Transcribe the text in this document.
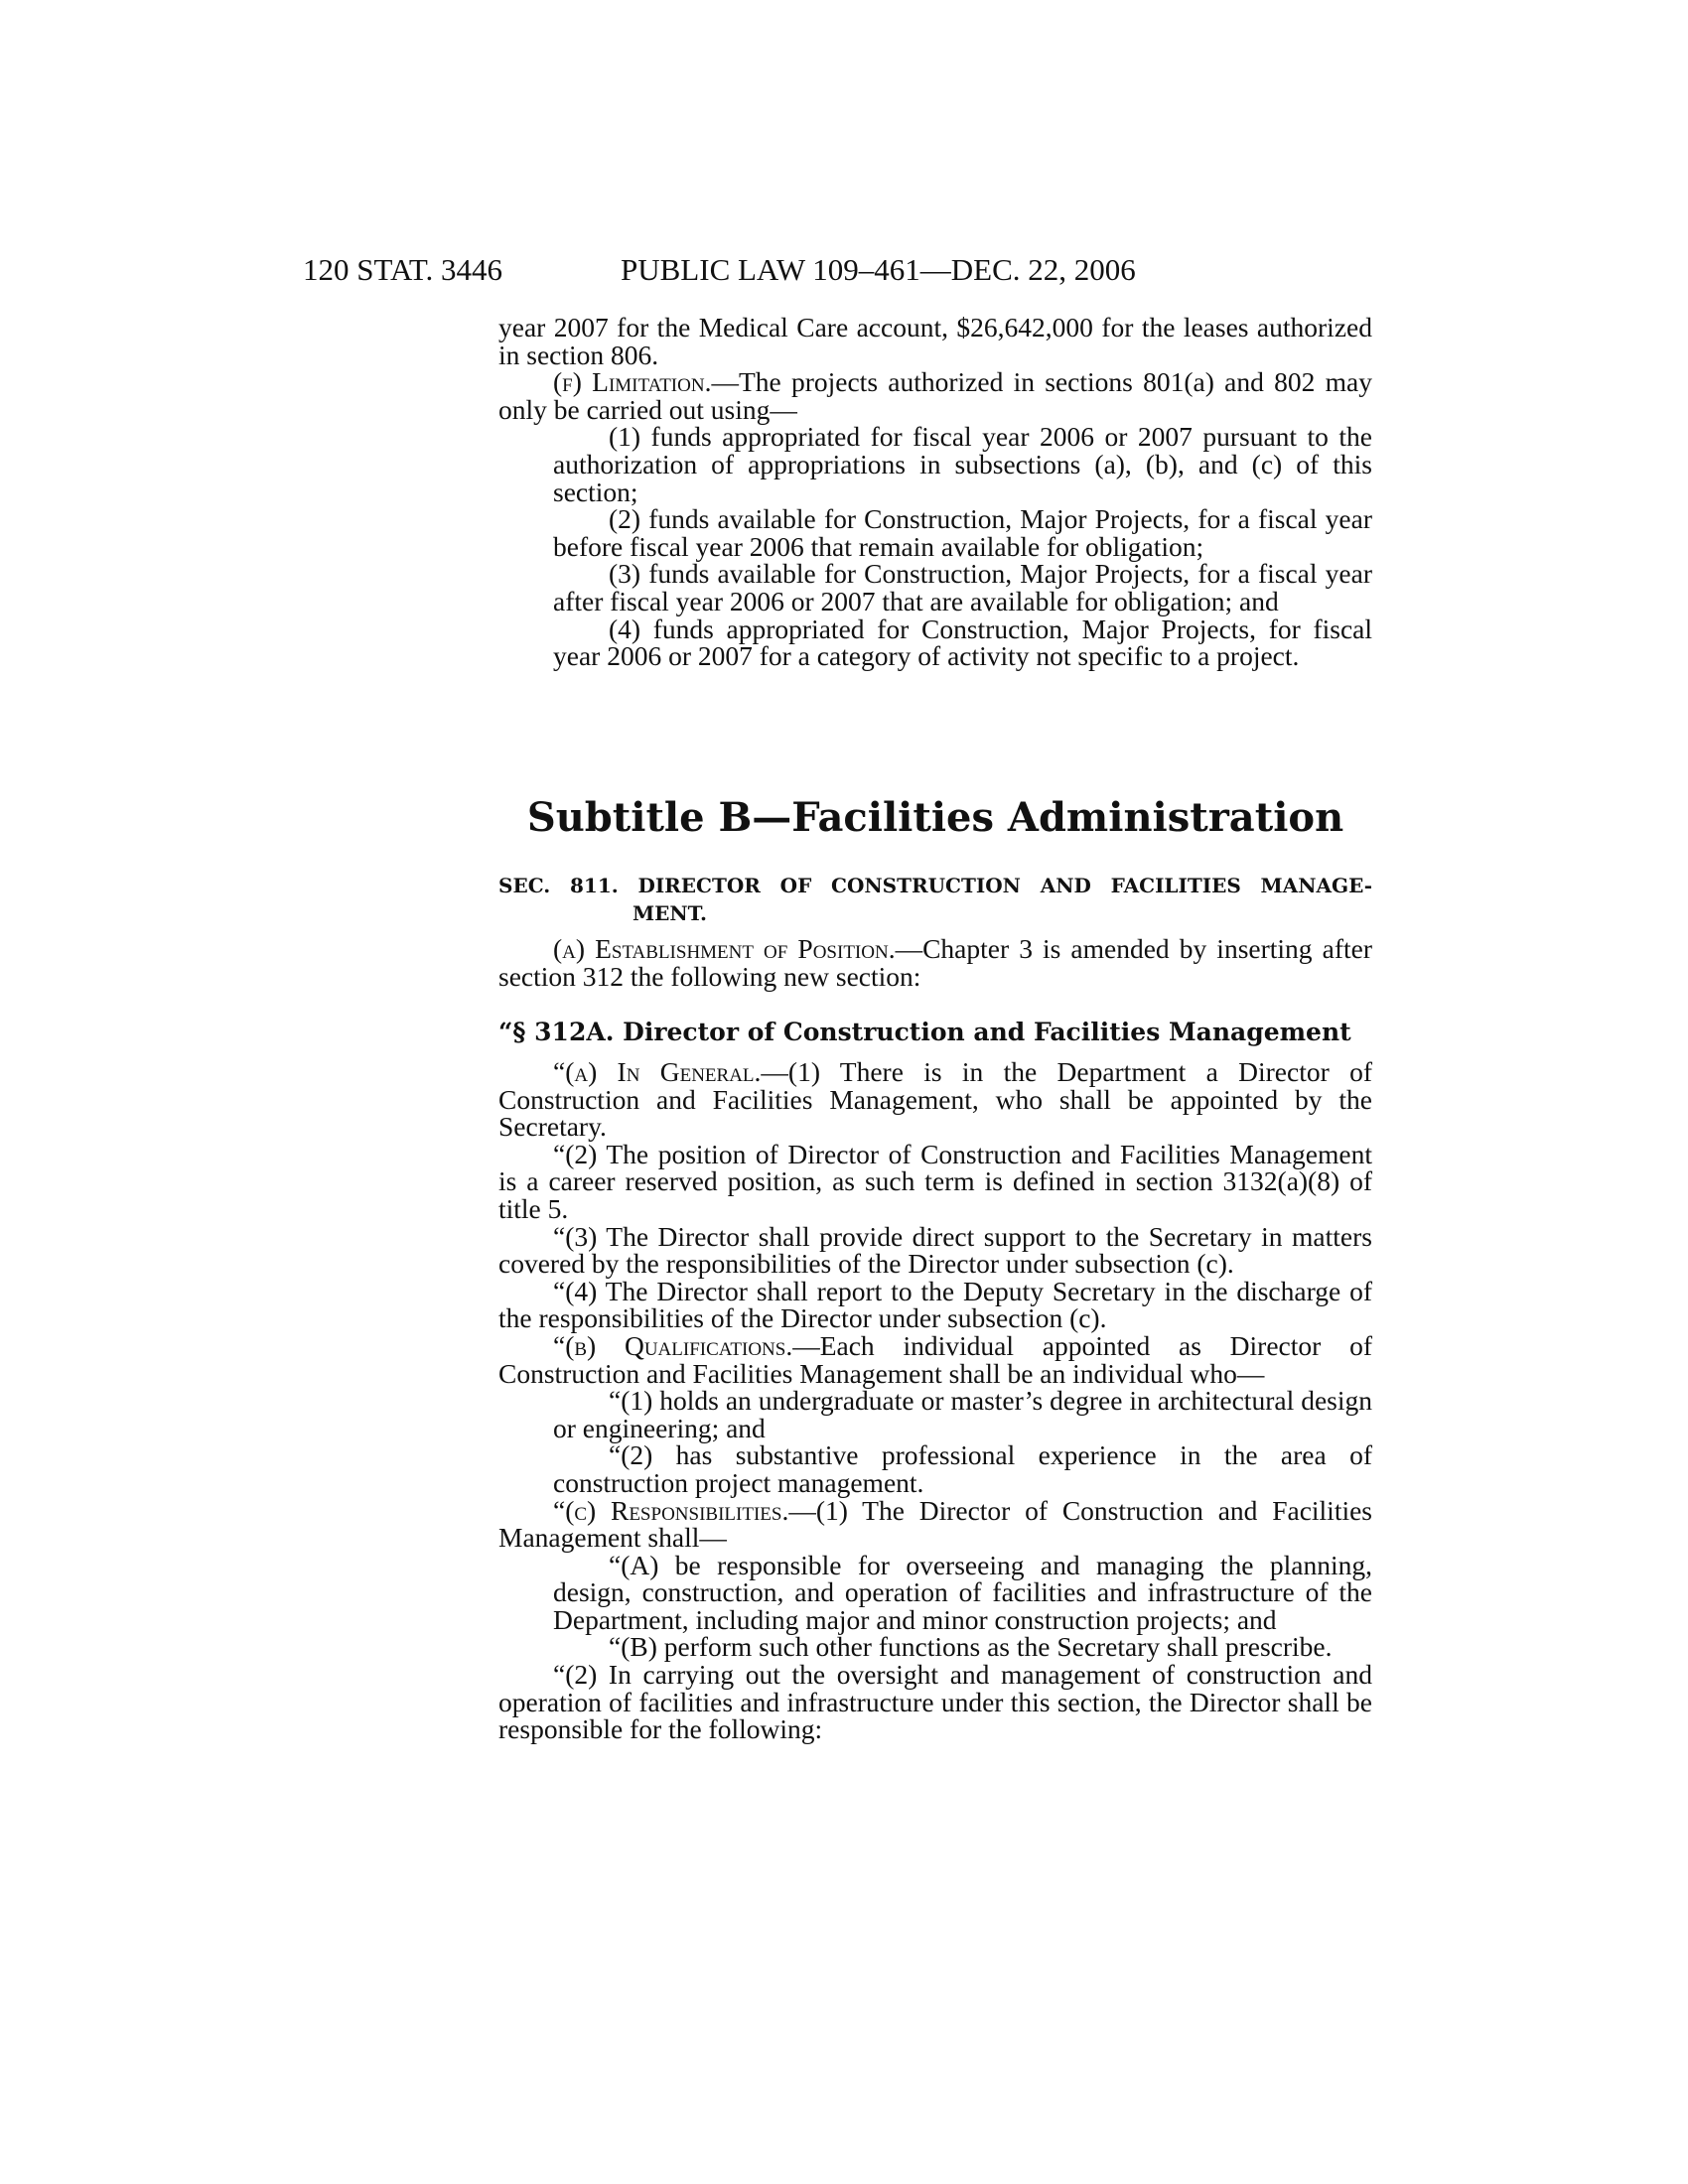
120 STAT. 3446	PUBLIC LAW 109–461—DEC. 22, 2006

year 2007 for the Medical Care account, $26,642,000 for the leases authorized in section 806.

(f) Limitation.—The projects authorized in sections 801(a) and 802 may only be carried out using—

(1) funds appropriated for fiscal year 2006 or 2007 pursuant to the authorization of appropriations in subsections (a), (b), and (c) of this section;

(2) funds available for Construction, Major Projects, for a fiscal year before fiscal year 2006 that remain available for obligation;

(3) funds available for Construction, Major Projects, for a fiscal year after fiscal year 2006 or 2007 that are available for obligation; and

(4) funds appropriated for Construction, Major Projects, for fiscal year 2006 or 2007 for a category of activity not specific to a project.

Subtitle B—Facilities Administration
SEC. 811. DIRECTOR OF CONSTRUCTION AND FACILITIES MANAGE-
MENT.

(a) Establishment of Position.—Chapter 3 is amended by inserting after section 312 the following new section:

“§ 312A. Director of Construction and Facilities Management

“(a) In General.—(1) There is in the Department a Director of Construction and Facilities Management, who shall be appointed by the Secretary.

“(2) The position of Director of Construction and Facilities Management is a career reserved position, as such term is defined in section 3132(a)(8) of title 5.

“(3) The Director shall provide direct support to the Secretary in matters covered by the responsibilities of the Director under subsection (c).

“(4) The Director shall report to the Deputy Secretary in the discharge of the responsibilities of the Director under subsection (c).

“(b) Qualifications.—Each individual appointed as Director of Construction and Facilities Management shall be an individual who—

“(1) holds an undergraduate or master’s degree in architectural design or engineering; and

“(2) has substantive professional experience in the area of construction project management.

“(c) Responsibilities.—(1) The Director of Construction and Facilities Management shall—

“(A) be responsible for overseeing and managing the planning, design, construction, and operation of facilities and infrastructure of the Department, including major and minor construction projects; and

“(B) perform such other functions as the Secretary shall prescribe.

“(2) In carrying out the oversight and management of construction and operation of facilities and infrastructure under this section, the Director shall be responsible for the following:
